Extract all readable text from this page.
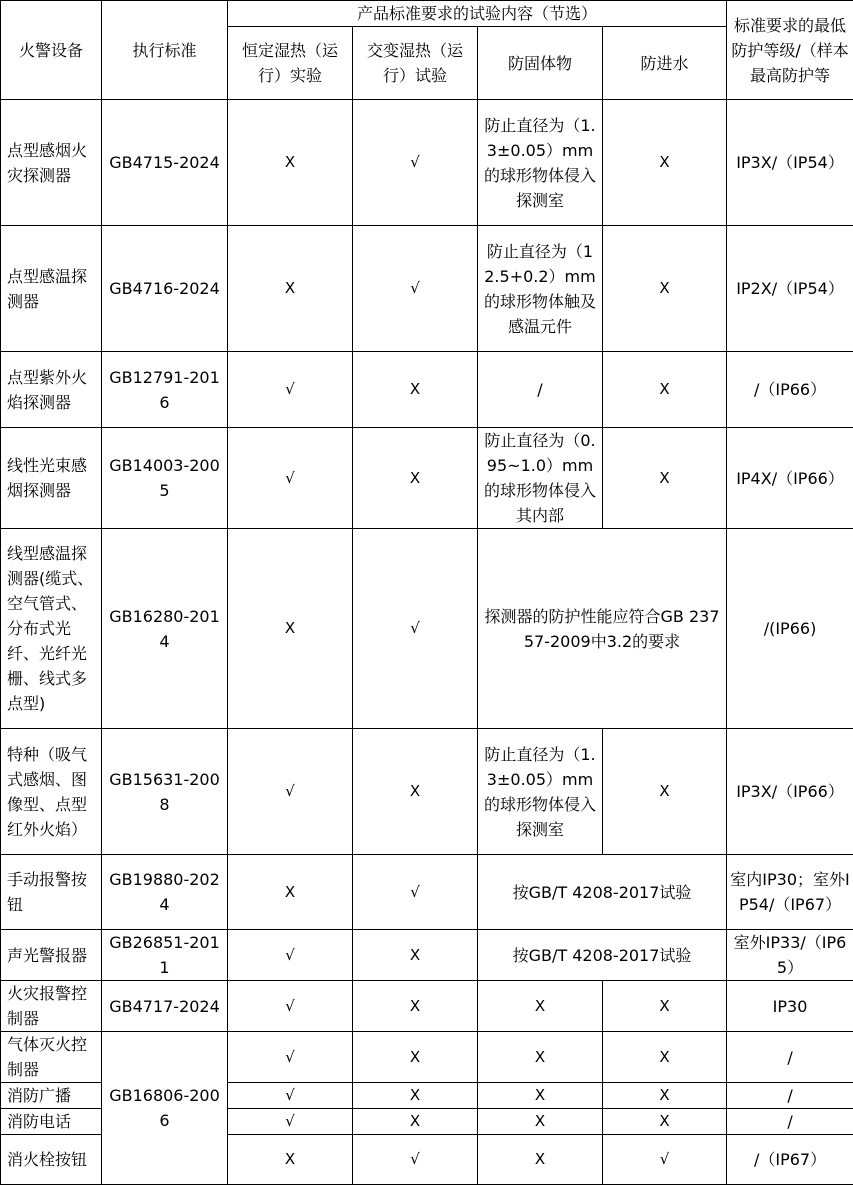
火警设备	执行标准	产品标准要求的试验内容（节选）				标准要求的最低防护等级/（样本最高防护等
		恒定湿热（运行）实验	交变湿热（运行）试验	防固体物	防进水	
点型感烟火灾探测器	GB4715-2024	X	√	防止直径为（1.3±0.05）mm的球形物体侵入探测室	X	IP3X/（IP54）
点型感温探测器	GB4716-2024	X	√	防止直径为（12.5+0.2）mm的球形物体触及感温元件	X	IP2X/（IP54）
点型紫外火焰探测器	GB12791-2016	√	X	/	X	/（IP66）
线性光束感烟探测器	GB14003-2005	√	X	防止直径为（0.95~1.0）mm的球形物体侵入其内部	X	IP4X/（IP66）
线型感温探测器(缆式、空气管式、分布式光纤、光纤光栅、线式多点型)	GB16280-2014	X	√	探测器的防护性能应符合GB 23757-2009中3.2的要求		/(IP66)
特种（吸气式感烟、图像型、点型红外火焰）	GB15631-2008	√	X	防止直径为（1.3±0.05）mm的球形物体侵入探测室	X	IP3X/（IP66）
手动报警按钮	GB19880-2024	X	√	按GB/T 4208-2017试验		室内IP30；室外IP54/（IP67）
声光警报器	GB26851-2011	√	X	按GB/T 4208-2017试验		室外IP33/（IP65）
火灾报警控制器	GB4717-2024	√	X	X	X	IP30
气体灭火控制器	GB16806-2006	√	X	X	X	/
消防广播		√	X	X	X	/
消防电话		√	X	X	X	/
消火栓按钮		X	√	X	√	/（IP67）
